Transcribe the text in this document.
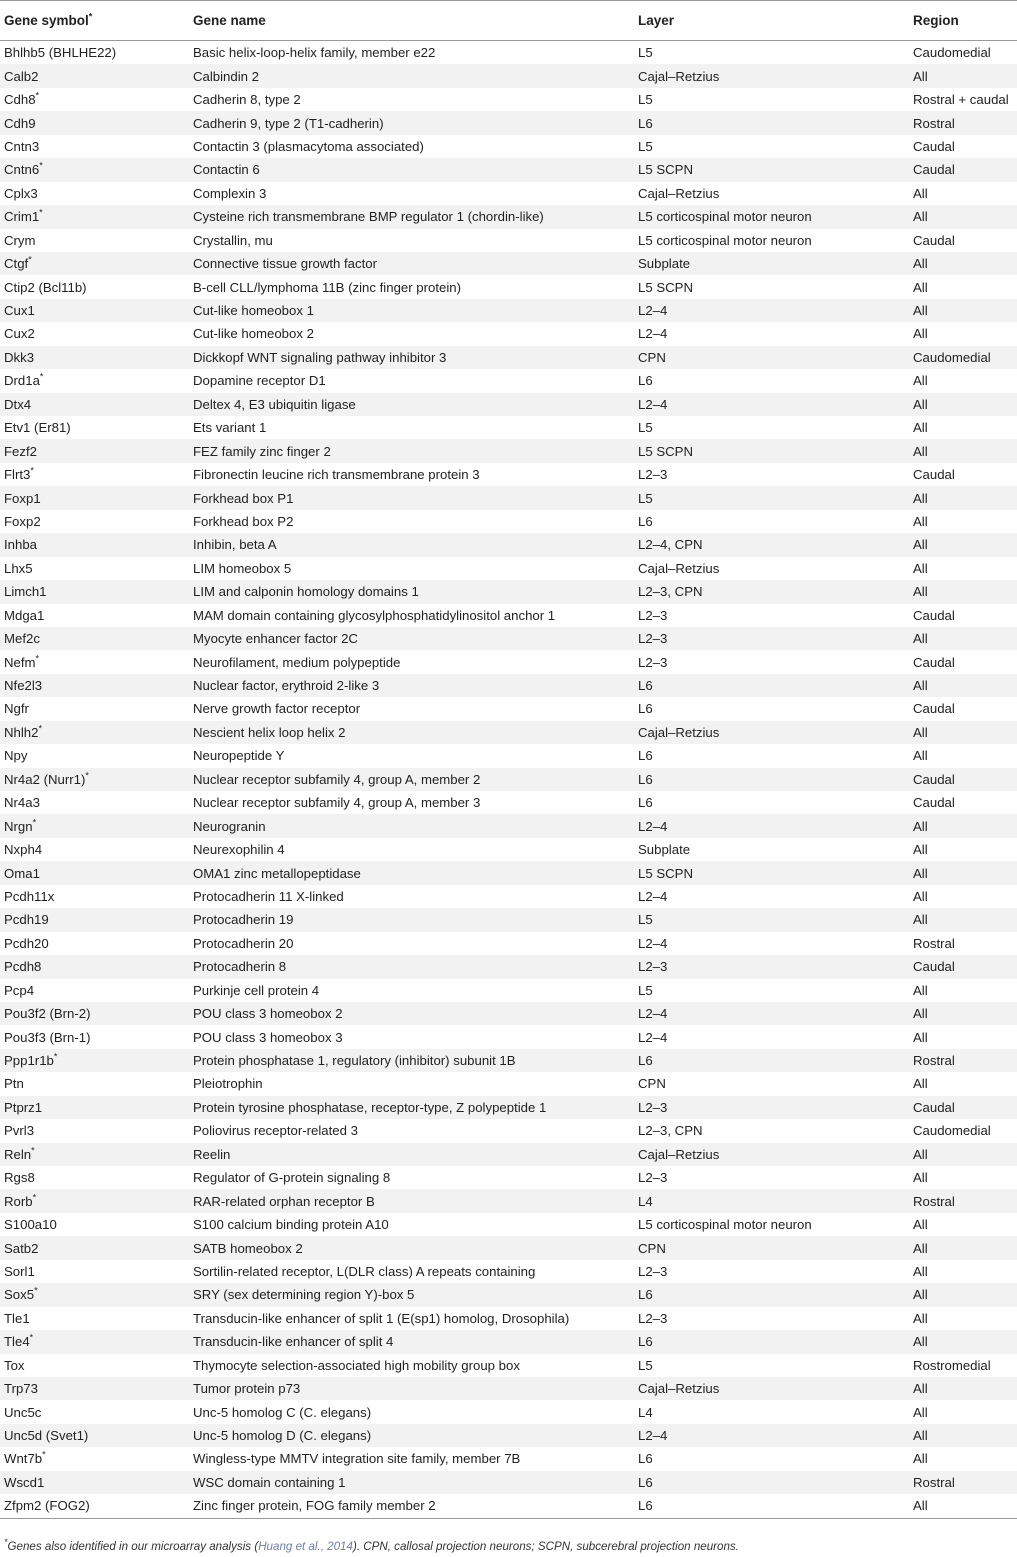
Gene symbol*	Gene name	Layer	Region
Bhlhb5 (BHLHE22)	Basic helix-loop-helix family, member e22	L5	Caudomedial
Calb2	Calbindin 2	Cajal–Retzius	All
Cdh8*	Cadherin 8, type 2	L5	Rostral + caudal
Cdh9	Cadherin 9, type 2 (T1-cadherin)	L6	Rostral
Cntn3	Contactin 3 (plasmacytoma associated)	L5	Caudal
Cntn6*	Contactin 6	L5 SCPN	Caudal
Cplx3	Complexin 3	Cajal–Retzius	All
Crim1*	Cysteine rich transmembrane BMP regulator 1 (chordin-like)	L5 corticospinal motor neuron	All
Crym	Crystallin, mu	L5 corticospinal motor neuron	Caudal
Ctgf*	Connective tissue growth factor	Subplate	All
Ctip2 (Bcl11b)	B-cell CLL/lymphoma 11B (zinc finger protein)	L5 SCPN	All
Cux1	Cut-like homeobox 1	L2–4	All
Cux2	Cut-like homeobox 2	L2–4	All
Dkk3	Dickkopf WNT signaling pathway inhibitor 3	CPN	Caudomedial
Drd1a*	Dopamine receptor D1	L6	All
Dtx4	Deltex 4, E3 ubiquitin ligase	L2–4	All
Etv1 (Er81)	Ets variant 1	L5	All
Fezf2	FEZ family zinc finger 2	L5 SCPN	All
Flrt3*	Fibronectin leucine rich transmembrane protein 3	L2–3	Caudal
Foxp1	Forkhead box P1	L5	All
Foxp2	Forkhead box P2	L6	All
Inhba	Inhibin, beta A	L2–4, CPN	All
Lhx5	LIM homeobox 5	Cajal–Retzius	All
Limch1	LIM and calponin homology domains 1	L2–3, CPN	All
Mdga1	MAM domain containing glycosylphosphatidylinositol anchor 1	L2–3	Caudal
Mef2c	Myocyte enhancer factor 2C	L2–3	All
Nefm*	Neurofilament, medium polypeptide	L2–3	Caudal
Nfe2l3	Nuclear factor, erythroid 2-like 3	L6	All
Ngfr	Nerve growth factor receptor	L6	Caudal
Nhlh2*	Nescient helix loop helix 2	Cajal–Retzius	All
Npy	Neuropeptide Y	L6	All
Nr4a2 (Nurr1)*	Nuclear receptor subfamily 4, group A, member 2	L6	Caudal
Nr4a3	Nuclear receptor subfamily 4, group A, member 3	L6	Caudal
Nrgn*	Neurogranin	L2–4	All
Nxph4	Neurexophilin 4	Subplate	All
Oma1	OMA1 zinc metallopeptidase	L5 SCPN	All
Pcdh11x	Protocadherin 11 X-linked	L2–4	All
Pcdh19	Protocadherin 19	L5	All
Pcdh20	Protocadherin 20	L2–4	Rostral
Pcdh8	Protocadherin 8	L2–3	Caudal
Pcp4	Purkinje cell protein 4	L5	All
Pou3f2 (Brn-2)	POU class 3 homeobox 2	L2–4	All
Pou3f3 (Brn-1)	POU class 3 homeobox 3	L2–4	All
Ppp1r1b*	Protein phosphatase 1, regulatory (inhibitor) subunit 1B	L6	Rostral
Ptn	Pleiotrophin	CPN	All
Ptprz1	Protein tyrosine phosphatase, receptor-type, Z polypeptide 1	L2–3	Caudal
Pvrl3	Poliovirus receptor-related 3	L2–3, CPN	Caudomedial
Reln*	Reelin	Cajal–Retzius	All
Rgs8	Regulator of G-protein signaling 8	L2–3	All
Rorb*	RAR-related orphan receptor B	L4	Rostral
S100a10	S100 calcium binding protein A10	L5 corticospinal motor neuron	All
Satb2	SATB homeobox 2	CPN	All
Sorl1	Sortilin-related receptor, L(DLR class) A repeats containing	L2–3	All
Sox5*	SRY (sex determining region Y)-box 5	L6	All
Tle1	Transducin-like enhancer of split 1 (E(sp1) homolog, Drosophila)	L2–3	All
Tle4*	Transducin-like enhancer of split 4	L6	All
Tox	Thymocyte selection-associated high mobility group box	L5	Rostromedial
Trp73	Tumor protein p73	Cajal–Retzius	All
Unc5c	Unc-5 homolog C (C. elegans)	L4	All
Unc5d (Svet1)	Unc-5 homolog D (C. elegans)	L2–4	All
Wnt7b*	Wingless-type MMTV integration site family, member 7B	L6	All
Wscd1	WSC domain containing 1	L6	Rostral
Zfpm2 (FOG2)	Zinc finger protein, FOG family member 2	L6	All
*Genes also identified in our microarray analysis (Huang et al., 2014). CPN, callosal projection neurons; SCPN, subcerebral projection neurons.
